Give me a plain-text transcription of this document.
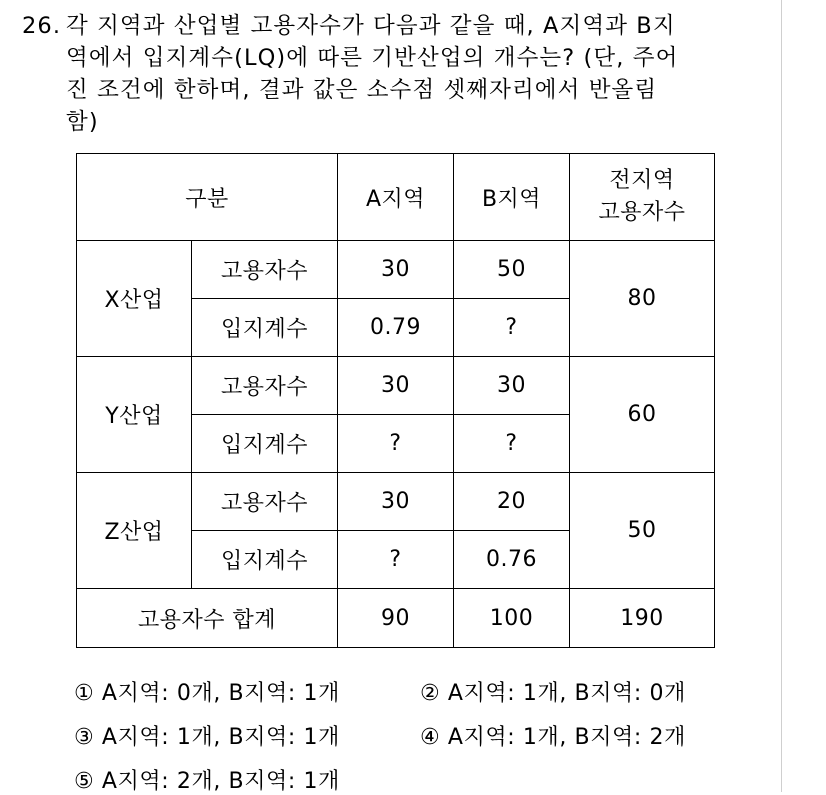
26. 각 지역과 산업별 고용자수가 다음과 같을 때, A지역과 B지
역에서 입지계수(LQ)에 따른 기반산업의 개수는? (단, 주어
진 조건에 한하며, 결과 값은 소수점 셋째자리에서 반올림
함)
구분		A지역	B지역	전지역
고용자수
X산업	고용자수	30	50	80
	입지계수	0.79	?	
Y산업	고용자수	30	30	60
	입지계수	?	?	
Z산업	고용자수	30	20	50
	입지계수	?	0.76	
고용자수 합계		90	100	190
① A지역: 0개, B지역: 1개	② A지역: 1개, B지역: 0개
③ A지역: 1개, B지역: 1개	④ A지역: 1개, B지역: 2개
⑤ A지역: 2개, B지역: 1개
